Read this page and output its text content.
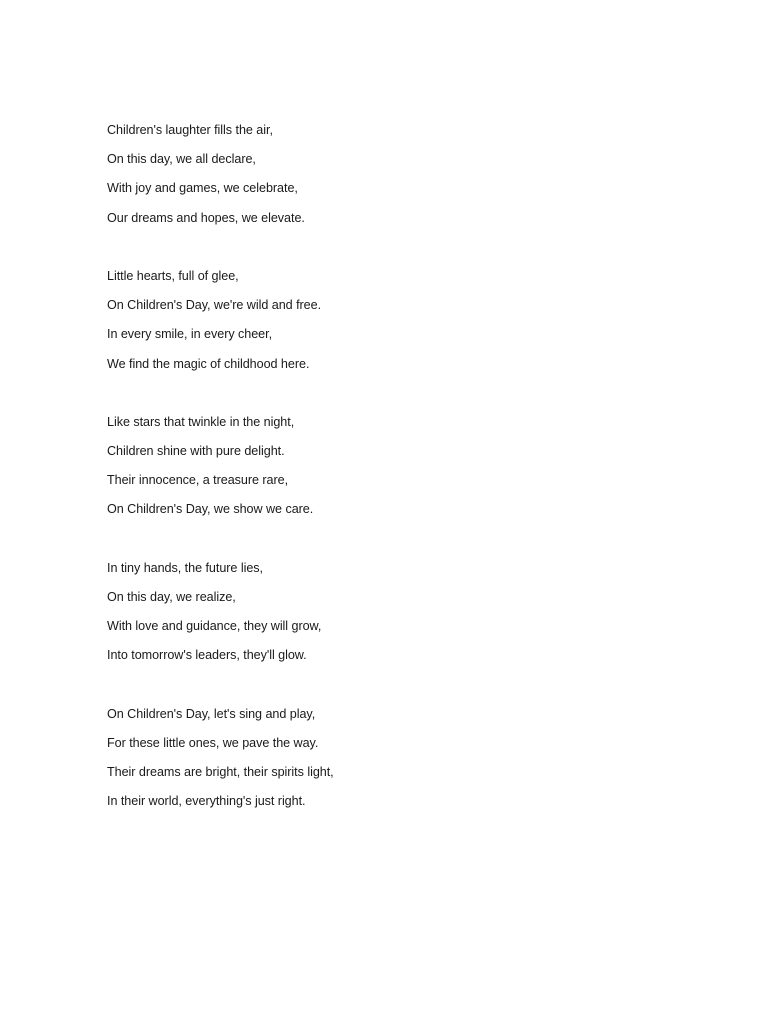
Children's laughter fills the air,
On this day, we all declare,
With joy and games, we celebrate,
Our dreams and hopes, we elevate.
Little hearts, full of glee,
On Children's Day, we're wild and free.
In every smile, in every cheer,
We find the magic of childhood here.
Like stars that twinkle in the night,
Children shine with pure delight.
Their innocence, a treasure rare,
On Children's Day, we show we care.
In tiny hands, the future lies,
On this day, we realize,
With love and guidance, they will grow,
Into tomorrow's leaders, they'll glow.
On Children's Day, let's sing and play,
For these little ones, we pave the way.
Their dreams are bright, their spirits light,
In their world, everything's just right.
